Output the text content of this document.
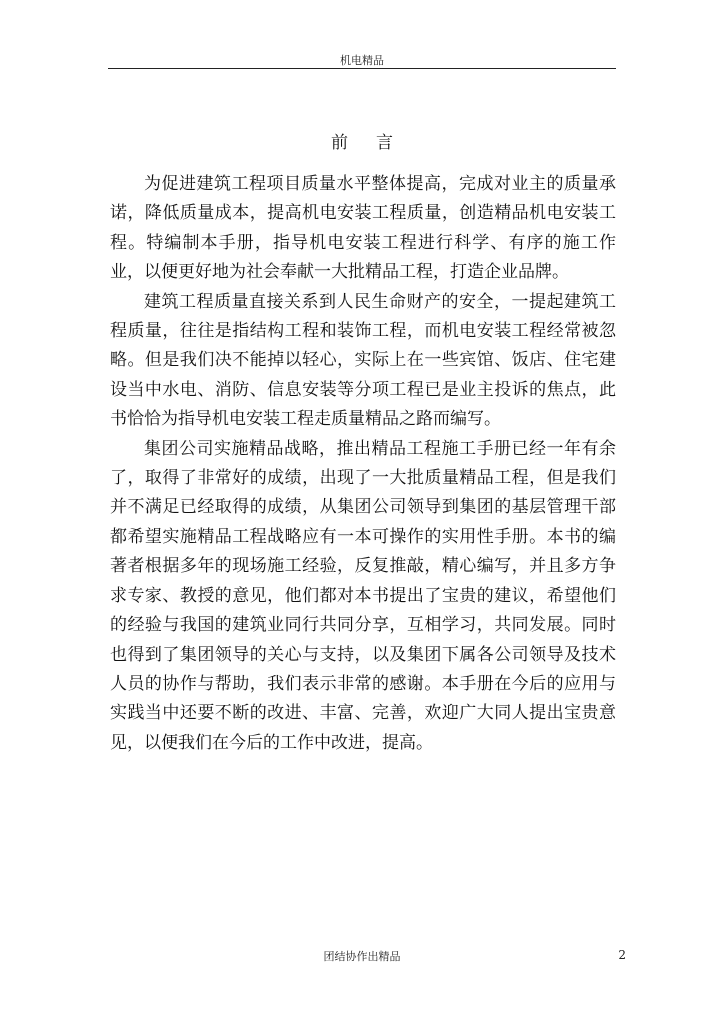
机电精品
前言

为促进建筑工程项目质量水平整体提高，完成对业主的质量承诺，降低质量成本，提高机电安装工程质量，创造精品机电安装工程。特编制本手册，指导机电安装工程进行科学、有序的施工作业，以便更好地为社会奉献一大批精品工程，打造企业品牌。

建筑工程质量直接关系到人民生命财产的安全，一提起建筑工程质量，往往是指结构工程和装饰工程，而机电安装工程经常被忽略。但是我们决不能掉以轻心，实际上在一些宾馆、饭店、住宅建设当中水电、消防、信息安装等分项工程已是业主投诉的焦点，此书恰恰为指导机电安装工程走质量精品之路而编写。

集团公司实施精品战略，推出精品工程施工手册已经一年有余了，取得了非常好的成绩，出现了一大批质量精品工程，但是我们并不满足已经取得的成绩，从集团公司领导到集团的基层管理干部都希望实施精品工程战略应有一本可操作的实用性手册。本书的编著者根据多年的现场施工经验，反复推敲，精心编写，并且多方争求专家、教授的意见，他们都对本书提出了宝贵的建议，希望他们的经验与我国的建筑业同行共同分享，互相学习，共同发展。同时也得到了集团领导的关心与支持，以及集团下属各公司领导及技术人员的协作与帮助，我们表示非常的感谢。本手册在今后的应用与实践当中还要不断的改进、丰富、完善，欢迎广大同人提出宝贵意见，以便我们在今后的工作中改进，提高。

团结协作出精品	2
